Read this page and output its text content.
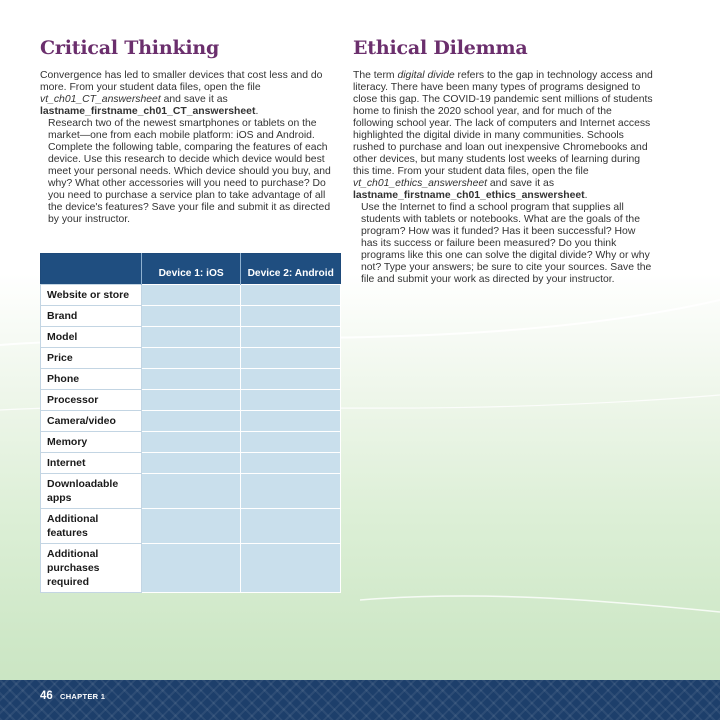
Critical Thinking

Convergence has led to smaller devices that cost less and do more. From your student data files, open the file vt_ch01_CT_answersheet and save it as lastname_firstname_ch01_CT_answersheet.

Research two of the newest smartphones or tablets on the market—one from each mobile platform: iOS and Android. Complete the following table, comparing the features of each device. Use this research to decide which device would best meet your personal needs. Which device should you buy, and why? What other accessories will you need to purchase? Do you need to purchase a service plan to take advantage of all the device's features? Save your file and submit it as directed by your instructor.

	Device 1: iOS	Device 2: Android
Website or store		
Brand		
Model		
Price		
Phone		
Processor		
Camera/video		
Memory		
Internet		
Downloadable apps		
Additional features		
Additional purchases required		
Ethical Dilemma

The term digital divide refers to the gap in technology access and literacy. There have been many types of programs designed to close this gap. The COVID-19 pandemic sent millions of students home to finish the 2020 school year, and for much of the following school year. The lack of computers and Internet access highlighted the digital divide in many communities. Schools rushed to purchase and loan out inexpensive Chromebooks and other devices, but many students lost weeks of learning during this time. From your student data files, open the file vt_ch01_ethics_answersheet and save it as lastname_firstname_ch01_ethics_answersheet.

Use the Internet to find a school program that supplies all students with tablets or notebooks. What are the goals of the program? How was it funded? Has it been successful? How has its success or failure been measured? Do you think programs like this one can solve the digital divide? Why or why not? Type your answers; be sure to cite your sources. Save the file and submit your work as directed by your instructor.

46 CHAPTER 1
